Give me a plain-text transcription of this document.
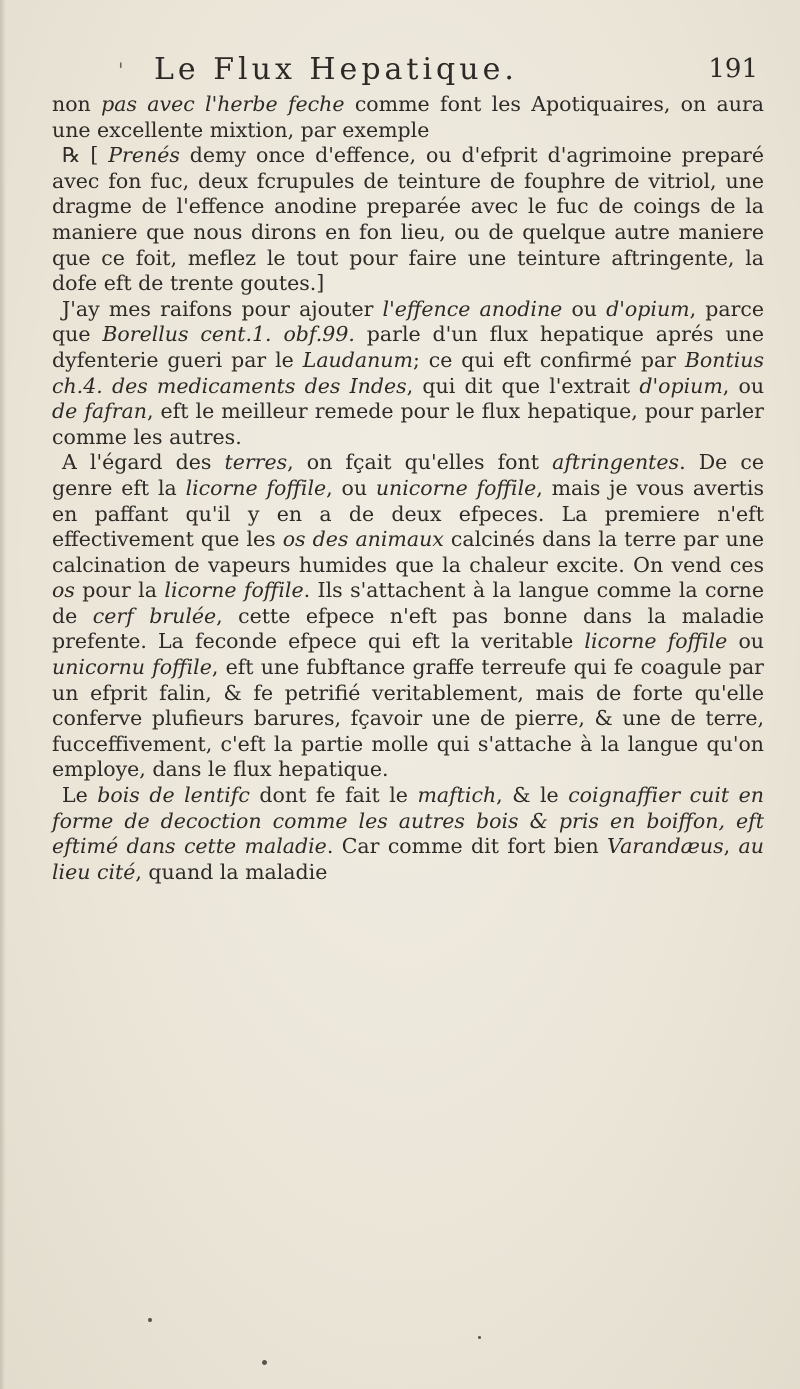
' Le Flux Hepatique.	191

non pas avec l'herbe feche comme font les Apotiquaires, on aura une excellente mixtion, par exemple

℞ [ Prenés demy once d'effence, ou d'efprit d'agrimoine preparé avec fon fuc, deux fcrupules de teinture de fouphre de vitriol, une dragme de l'effence anodine preparée avec le fuc de coings de la maniere que nous dirons en fon lieu, ou de quelque autre maniere que ce foit, meflez le tout pour faire une teinture aftringente, la dofe eft de trente goutes.]

J'ay mes raifons pour ajouter l'effence anodine ou d'opium, parce que Borellus cent.1. obf.99. parle d'un flux hepatique aprés une dyfenterie gueri par le Laudanum; ce qui eft confirmé par Bontius ch.4. des medicaments des Indes, qui dit que l'extrait d'opium, ou de fafran, eft le meilleur remede pour le flux hepatique, pour parler comme les autres.

A l'égard des terres, on fçait qu'elles font aftringentes. De ce genre eft la licorne foffile, ou unicorne foffile, mais je vous avertis en paffant qu'il y en a de deux efpeces. La premiere n'eft effectivement que les os des animaux calcinés dans la terre par une calcination de vapeurs humides que la chaleur excite. On vend ces os pour la licorne foffile. Ils s'attachent à la langue comme la corne de cerf brulée, cette efpece n'eft pas bonne dans la maladie prefente. La feconde efpece qui eft la veritable licorne foffile ou unicornu foffile, eft une fubftance graffe terreufe qui fe coagule par un efprit falin, & fe petrifié veritablement, mais de forte qu'elle conferve plufieurs barures, fçavoir une de pierre, & une de terre, fucceffivement, c'eft la partie molle qui s'attache à la langue qu'on employe, dans le flux hepatique.

Le bois de lentifc dont fe fait le maftich, & le coignaffier cuit en forme de decoction comme les autres bois & pris en boiffon, eft eftimé dans cette maladie. Car comme dit fort bien Varandæus, au lieu cité, quand la maladie
